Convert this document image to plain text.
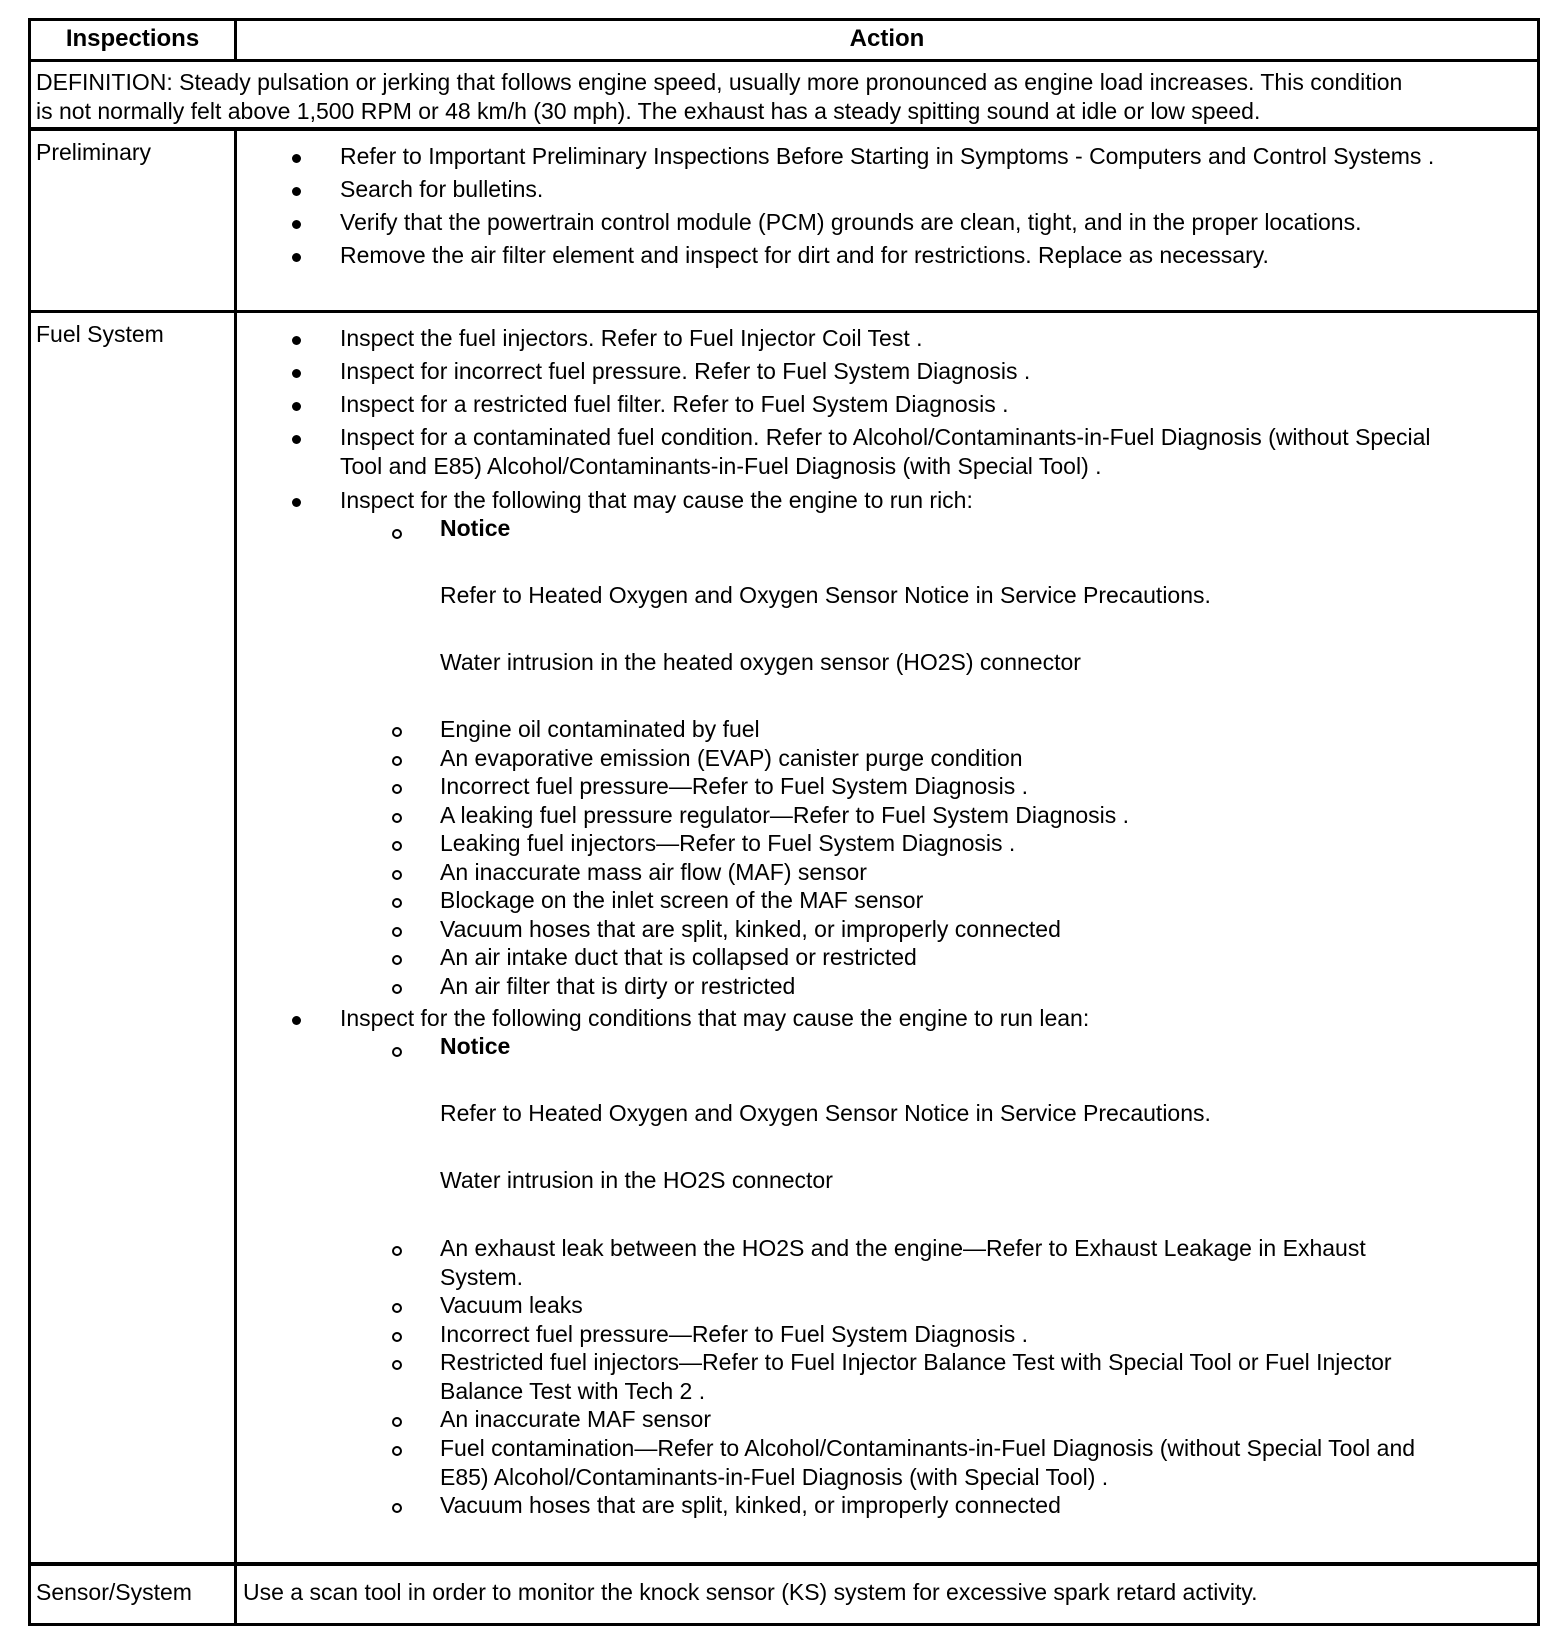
Inspections	Action
DEFINITION: Steady pulsation or jerking that follows engine speed, usually more pronounced as engine load increases. This condition
is not normally felt above 1,500 RPM or 48 km/h (30 mph). The exhaust has a steady spitting sound at idle or low speed.
Preliminary	Refer to Important Preliminary Inspections Before Starting in Symptoms - Computers and Control Systems .
Search for bulletins.
Verify that the powertrain control module (PCM) grounds are clean, tight, and in the proper locations.
Remove the air filter element and inspect for dirt and for restrictions. Replace as necessary.
Fuel System	Inspect the fuel injectors. Refer to Fuel Injector Coil Test .
Inspect for incorrect fuel pressure. Refer to Fuel System Diagnosis .
Inspect for a restricted fuel filter. Refer to Fuel System Diagnosis .
Inspect for a contaminated fuel condition. Refer to Alcohol/Contaminants-in-Fuel Diagnosis (without Special
Tool and E85) Alcohol/Contaminants-in-Fuel Diagnosis (with Special Tool) .
Inspect for the following that may cause the engine to run rich:
Notice
Refer to Heated Oxygen and Oxygen Sensor Notice in Service Precautions.
Water intrusion in the heated oxygen sensor (HO2S) connector
Engine oil contaminated by fuel
An evaporative emission (EVAP) canister purge condition
Incorrect fuel pressure—Refer to Fuel System Diagnosis .
A leaking fuel pressure regulator—Refer to Fuel System Diagnosis .
Leaking fuel injectors—Refer to Fuel System Diagnosis .
An inaccurate mass air flow (MAF) sensor
Blockage on the inlet screen of the MAF sensor
Vacuum hoses that are split, kinked, or improperly connected
An air intake duct that is collapsed or restricted
An air filter that is dirty or restricted
Inspect for the following conditions that may cause the engine to run lean:
Notice
Refer to Heated Oxygen and Oxygen Sensor Notice in Service Precautions.
Water intrusion in the HO2S connector
An exhaust leak between the HO2S and the engine—Refer to Exhaust Leakage in Exhaust
System.
Vacuum leaks
Incorrect fuel pressure—Refer to Fuel System Diagnosis .
Restricted fuel injectors—Refer to Fuel Injector Balance Test with Special Tool or Fuel Injector
Balance Test with Tech 2 .
An inaccurate MAF sensor
Fuel contamination—Refer to Alcohol/Contaminants-in-Fuel Diagnosis (without Special Tool and
E85) Alcohol/Contaminants-in-Fuel Diagnosis (with Special Tool) .
Vacuum hoses that are split, kinked, or improperly connected
Sensor/System Use a scan tool in order to monitor the knock sensor (KS) system for excessive spark retard activity.
